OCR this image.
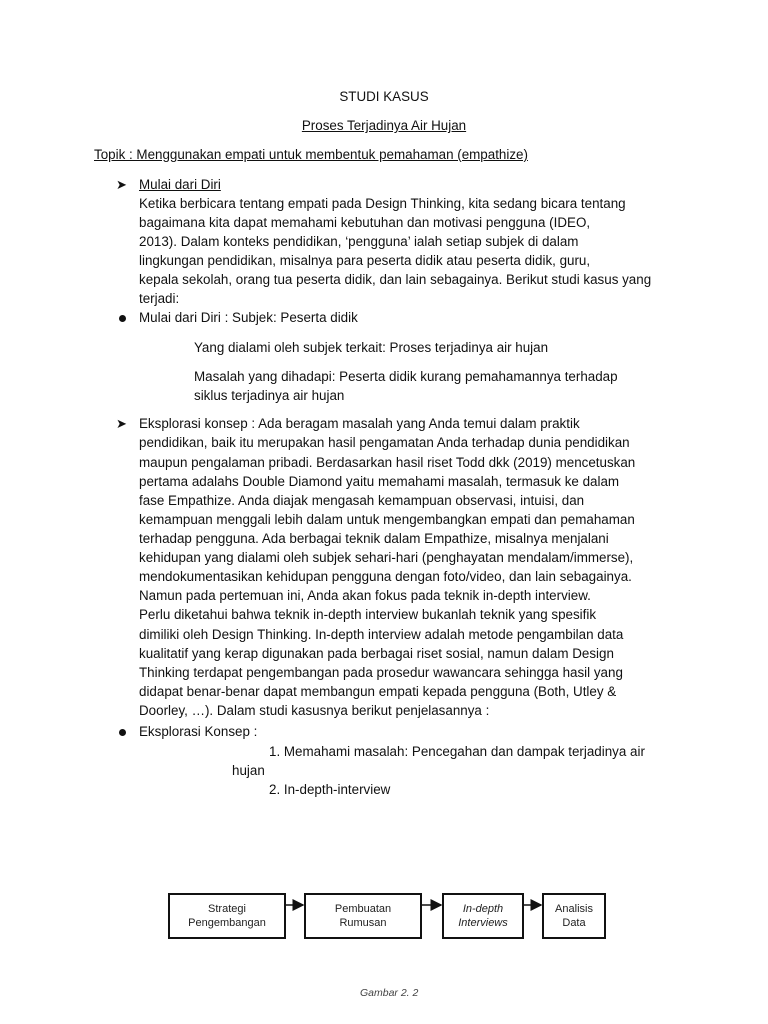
STUDI KASUS
Proses Terjadinya Air Hujan
Topik : Menggunakan empati untuk membentuk pemahaman (empathize)
➤ Mulai dari Diri
Ketika berbicara tentang empati pada Design Thinking, kita sedang bicara tentang
bagaimana kita dapat memahami kebutuhan dan motivasi pengguna (IDEO,
2013). Dalam konteks pendidikan, ‘pengguna’ ialah setiap subjek di dalam
lingkungan pendidikan, misalnya para peserta didik atau peserta didik, guru,
kepala sekolah, orang tua peserta didik, dan lain sebagainya. Berikut studi kasus yang
terjadi:
Mulai dari Diri : Subjek: Peserta didik
Yang dialami oleh subjek terkait: Proses terjadinya air hujan
Masalah yang dihadapi: Peserta didik kurang pemahamannya terhadap
siklus terjadinya air hujan
➤ Eksplorasi konsep : Ada beragam masalah yang Anda temui dalam praktik
pendidikan, baik itu merupakan hasil pengamatan Anda terhadap dunia pendidikan
maupun pengalaman pribadi. Berdasarkan hasil riset Todd dkk (2019) mencetuskan
pertama adalahs Double Diamond yaitu memahami masalah, termasuk ke dalam
fase Empathize. Anda diajak mengasah kemampuan observasi, intuisi, dan
kemampuan menggali lebih dalam untuk mengembangkan empati dan pemahaman
terhadap pengguna. Ada berbagai teknik dalam Empathize, misalnya menjalani
kehidupan yang dialami oleh subjek sehari-hari (penghayatan mendalam/immerse),
mendokumentasikan kehidupan pengguna dengan foto/video, dan lain sebagainya.
Namun pada pertemuan ini, Anda akan fokus pada teknik in-depth interview.
Perlu diketahui bahwa teknik in-depth interview bukanlah teknik yang spesifik
dimiliki oleh Design Thinking. In-depth interview adalah metode pengambilan data
kualitatif yang kerap digunakan pada berbagai riset sosial, namun dalam Design
Thinking terdapat pengembangan pada prosedur wawancara sehingga hasil yang
didapat benar-benar dapat membangun empati kepada pengguna (Both, Utley &
Doorley, …). Dalam studi kasusnya berikut penjelasannya :
Eksplorasi Konsep :
1. Memahami masalah: Pencegahan dan dampak terjadinya air
hujan
2. In-depth-interview
Strategi
Pengembangan
Pembuatan
Rumusan
In-depth
Interviews
Analisis
Data
Gambar 2. 2
